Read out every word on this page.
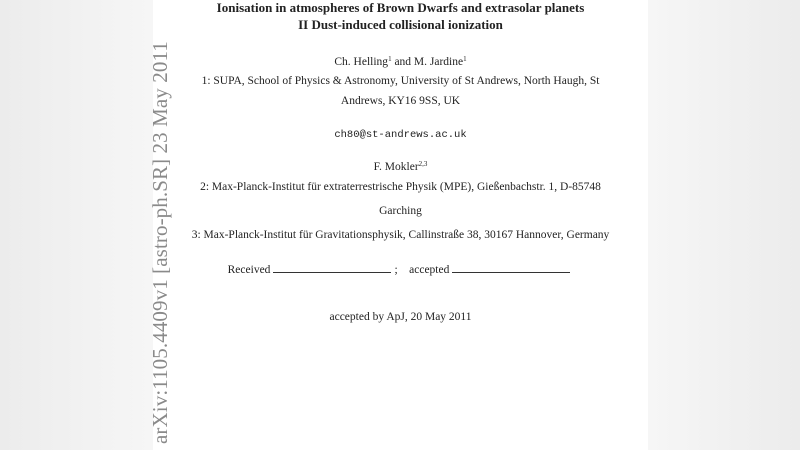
arXiv:1105.4409v1 [astro-ph.SR] 23 May 2011
Ionisation in atmospheres of Brown Dwarfs and extrasolar planets
II Dust-induced collisional ionization
Ch. Helling$^1$ and M. Jardine$^1$
1: SUPA, School of Physics & Astronomy, University of St Andrews, North Haugh, St
Andrews, KY16 9SS, UK
ch80@st-andrews.ac.uk
F. Mokler$^{2,3}$
2: Max-Planck-Institut für extraterrestrische Physik (MPE), Gießenbachstr. 1, D-85748
Garching
3: Max-Planck-Institut für Gravitationsphysik, Callinstraße 38, 30167 Hannover, Germany
Received	; accepted
accepted by ApJ, 20 May 2011
